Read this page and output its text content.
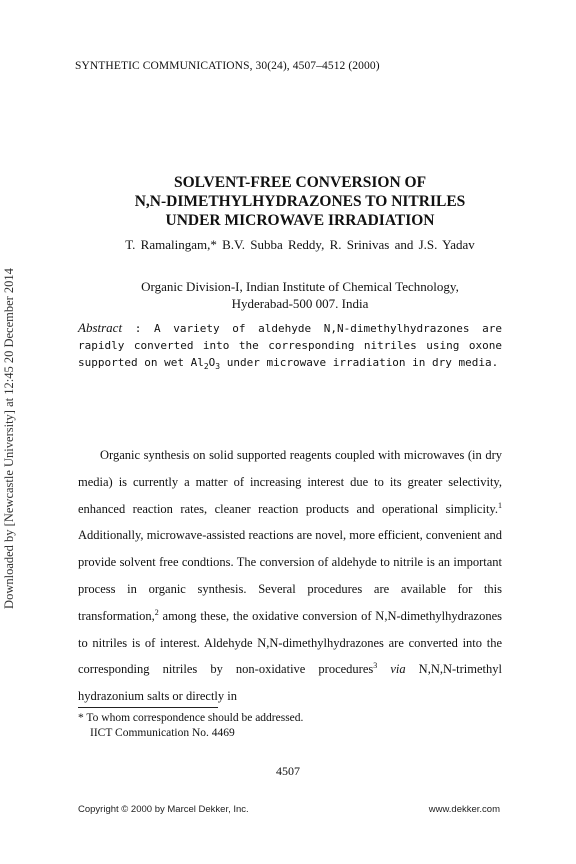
SYNTHETIC COMMUNICATIONS, 30(24), 4507–4512 (2000)
Downloaded by [Newcastle University] at 12:45 20 December 2014
SOLVENT-FREE CONVERSION OF
N,N-DIMETHYLHYDRAZONES TO NITRILES
UNDER MICROWAVE IRRADIATION
T. Ramalingam,* B.V. Subba Reddy, R. Srinivas and J.S. Yadav
Organic Division-I, Indian Institute of Chemical Technology,
Hyderabad-500 007. India
Abstract : A variety of aldehyde N,N-dimethylhydrazones are rapidly converted into the corresponding nitriles using oxone supported on wet $Al_2O_3$ under microwave irradiation in dry media.

Organic synthesis on solid supported reagents coupled with microwaves (in dry media) is currently a matter of increasing interest due to its greater selectivity, enhanced reaction rates, cleaner reaction products and operational simplicity.$^1$ Additionally, microwave-assisted reactions are novel, more efficient, convenient and provide solvent free condtions. The conversion of aldehyde to nitrile is an important process in organic synthesis. Several procedures are available for this transformation,$^2$ among these, the oxidative conversion of N,N-dimethylhydrazones to nitriles is of interest. Aldehyde N,N-dimethylhydrazones are converted into the corresponding nitriles by non-oxidative procedures$^3$ via N,N,N-trimethyl hydrazonium salts or directly in

* To whom correspondence should be addressed.
IICT Communication No. 4469
4507
Copyright © 2000 by Marcel Dekker, Inc.	www.dekker.com
